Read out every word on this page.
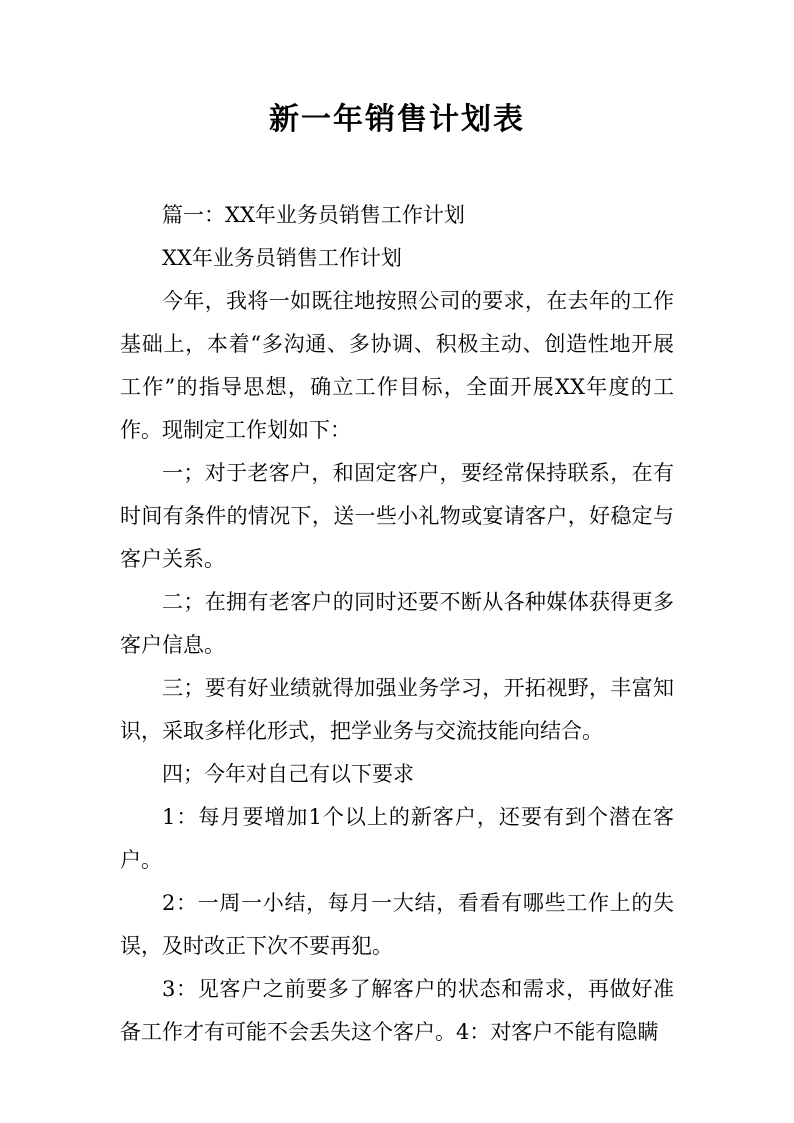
新一年销售计划表

篇一：XX年业务员销售工作计划

XX年业务员销售工作计划

今年，我将一如既往地按照公司的要求，在去年的工作基础上，本着“多沟通、多协调、积极主动、创造性地开展工作”的指导思想，确立工作目标，全面开展XX年度的工作。现制定工作划如下：

一；对于老客户，和固定客户，要经常保持联系，在有时间有条件的情况下，送一些小礼物或宴请客户，好稳定与客户关系。

二；在拥有老客户的同时还要不断从各种媒体获得更多客户信息。

三；要有好业绩就得加强业务学习，开拓视野，丰富知识，采取多样化形式，把学业务与交流技能向结合。

四；今年对自己有以下要求

1：每月要增加1个以上的新客户，还要有到个潜在客户。

2：一周一小结，每月一大结，看看有哪些工作上的失误，及时改正下次不要再犯。

3：见客户之前要多了解客户的状态和需求，再做好准备工作才有可能不会丢失这个客户。4：对客户不能有隐瞒
